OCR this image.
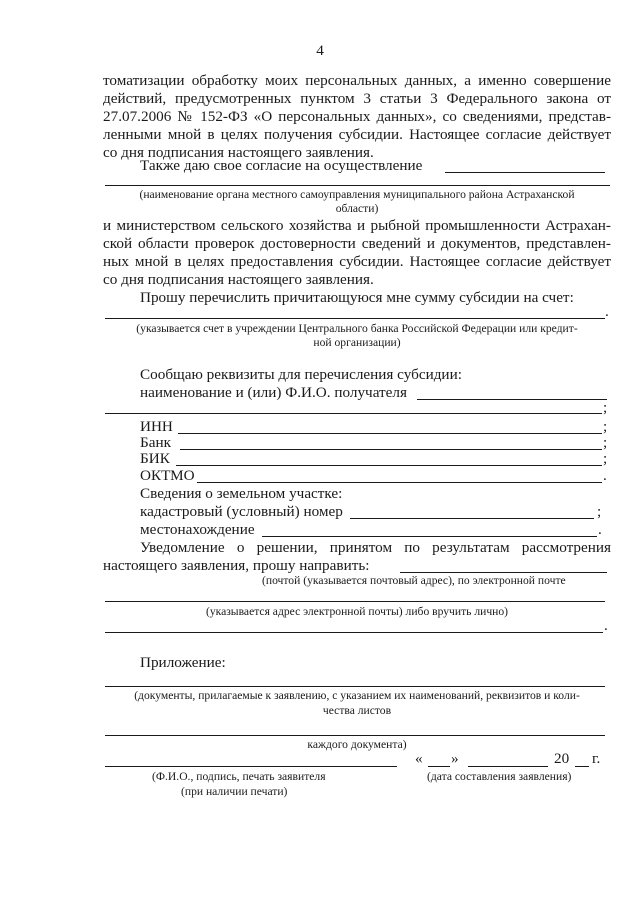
4
томатизации обработку моих персональных данных, а именно совершение
действий, предусмотренных пунктом 3 статьи 3 Федерального закона от
27.07.2006 № 152-ФЗ «О персональных данных», со сведениями, представ-
ленными мной в целях получения субсидии. Настоящее согласие действует
со дня подписания настоящего заявления.
Также даю свое согласие на осуществление
(наименование органа местного самоуправления муниципального района Астраханской
области)
и министерством сельского хозяйства и рыбной промышленности Астрахан-
ской области проверок достоверности сведений и документов, представлен-
ных мной в целях предоставления субсидии. Настоящее согласие действует
со дня подписания настоящего заявления.
Прошу перечислить причитающуюся мне сумму субсидии на счет:
.
(указывается счет в учреждении Центрального банка Российской Федерации или кредит-
ной организации)
Сообщаю реквизиты для перечисления субсидии:
наименование и (или) Ф.И.О. получателя
;
ИНН	;
Банк	;
БИК	;
ОКТМО	.
Сведения о земельном участке:
кадастровый (условный) номер	;
местонахождение	.
Уведомление о решении, принятом по результатам рассмотрения
настоящего заявления, прошу направить:
(почтой (указывается почтовый адрес), по электронной почте
(указывается адрес электронной почты) либо вручить лично)
.
Приложение:
(документы, прилагаемые к заявлению, с указанием их наименований, реквизитов и коли-
чества листов
каждого документа)
« »	20 г.
(Ф.И.О., подпись, печать заявителя
(при наличии печати)
(дата составления заявления)
